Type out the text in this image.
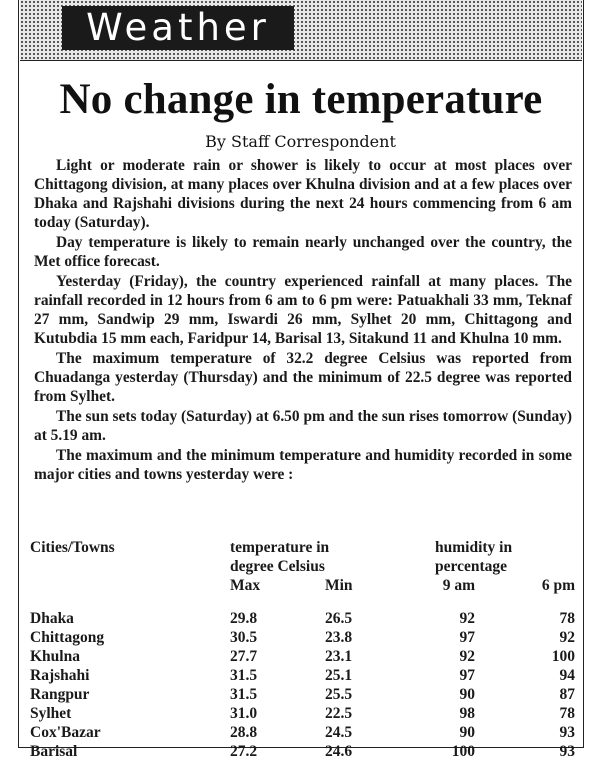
Weather
No change in temperature
By Staff Correspondent

Light or moderate rain or shower is likely to occur at most places over Chittagong division, at many places over Khulna division and at a few places over Dhaka and Rajshahi divisions during the next 24 hours commencing from 6 am today (Saturday).

Day temperature is likely to remain nearly unchanged over the country, the Met office forecast.

Yesterday (Friday), the country experienced rainfall at many places. The rainfall recorded in 12 hours from 6 am to 6 pm were: Patuakhali 33 mm, Teknaf 27 mm, Sandwip 29 mm, Iswardi 26 mm, Sylhet 20 mm, Chittagong and Kutubdia 15 mm each, Faridpur 14, Barisal 13, Sitakund 11 and Khulna 10 mm.

The maximum temperature of 32.2 degree Celsius was reported from Chuadanga yesterday (Thursday) and the minimum of 22.5 degree was reported from Sylhet.

The sun sets today (Saturday) at 6.50 pm and the sun rises tomorrow (Sunday) at 5.19 am.

The maximum and the minimum temperature and humidity recorded in some major cities and towns yesterday were :

Cities/Towns	temperature in		humidity in	
	degree Celsius		percentage	
	Max	Min	9 am	6 pm

Dhaka	29.8	26.5	92	78
Chittagong	30.5	23.8	97	92
Khulna	27.7	23.1	92	100
Rajshahi	31.5	25.1	97	94
Rangpur	31.5	25.5	90	87
Sylhet	31.0	22.5	98	78
Cox'Bazar	28.8	24.5	90	93
Barisal	27.2	24.6	100	93
